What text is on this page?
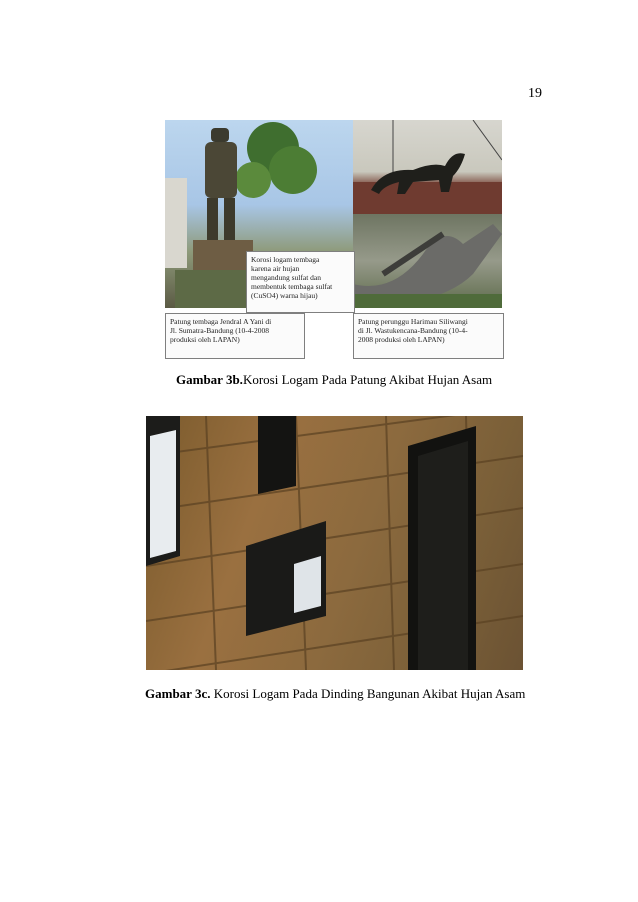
19
Korosi logam tembaga
karena air hujan
mengandung sulfat dan
membentuk tembaga sulfat
(CuSO4) warna hijau)
Patung tembaga Jendral A Yani di
Jl. Sumatra-Bandung (10-4-2008
produksi oleh LAPAN)
Patung perunggu Harimau Siliwangi
di Jl. Wastukencana-Bandung (10-4-
2008 produksi oleh LAPAN)
Gambar 3b.Korosi Logam Pada Patung Akibat Hujan Asam
Gambar 3c. Korosi Logam Pada Dinding Bangunan Akibat Hujan Asam
